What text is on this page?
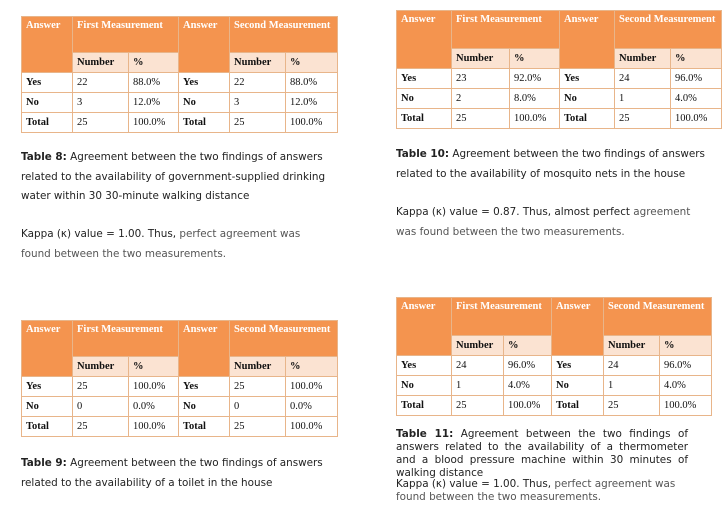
Answer	First Measurement		Answer	Second Measurement	
	Number	%		Number	%
Yes	22	88.0%	Yes	22	88.0%
No	3	12.0%	No	3	12.0%
Total	25	100.0%	Total	25	100.0%

Table 8: Agreement between the two findings of answers related to the availability of government-supplied drinking water within 30 30-minute walking distance

Kappa (κ) value = 1.00. Thus, perfect agreement was found between the two measurements.

Answer	First Measurement		Answer	Second Measurement	
	Number	%		Number	%
Yes	25	100.0%	Yes	25	100.0%
No	0	0.0%	No	0	0.0%
Total	25	100.0%	Total	25	100.0%

Table 9: Agreement between the two findings of answers related to the availability of a toilet in the house

Answer	First Measurement		Answer	Second Measurement	
	Number	%		Number	%
Yes	23	92.0%	Yes	24	96.0%
No	2	8.0%	No	1	4.0%
Total	25	100.0%	Total	25	100.0%

Table 10: Agreement between the two findings of answers related to the availability of mosquito nets in the house

Kappa (κ) value = 0.87. Thus, almost perfect agreement was found between the two measurements.

Answer	First Measurement		Answer	Second Measurement	
	Number	%		Number	%
Yes	24	96.0%	Yes	24	96.0%
No	1	4.0%	No	1	4.0%
Total	25	100.0%	Total	25	100.0%

Table 11: Agreement between the two findings of answers related to the availability of a thermometer and a blood pressure machine within 30 minutes of walking distance

Kappa (κ) value = 1.00. Thus, perfect agreement was found between the two measurements.
